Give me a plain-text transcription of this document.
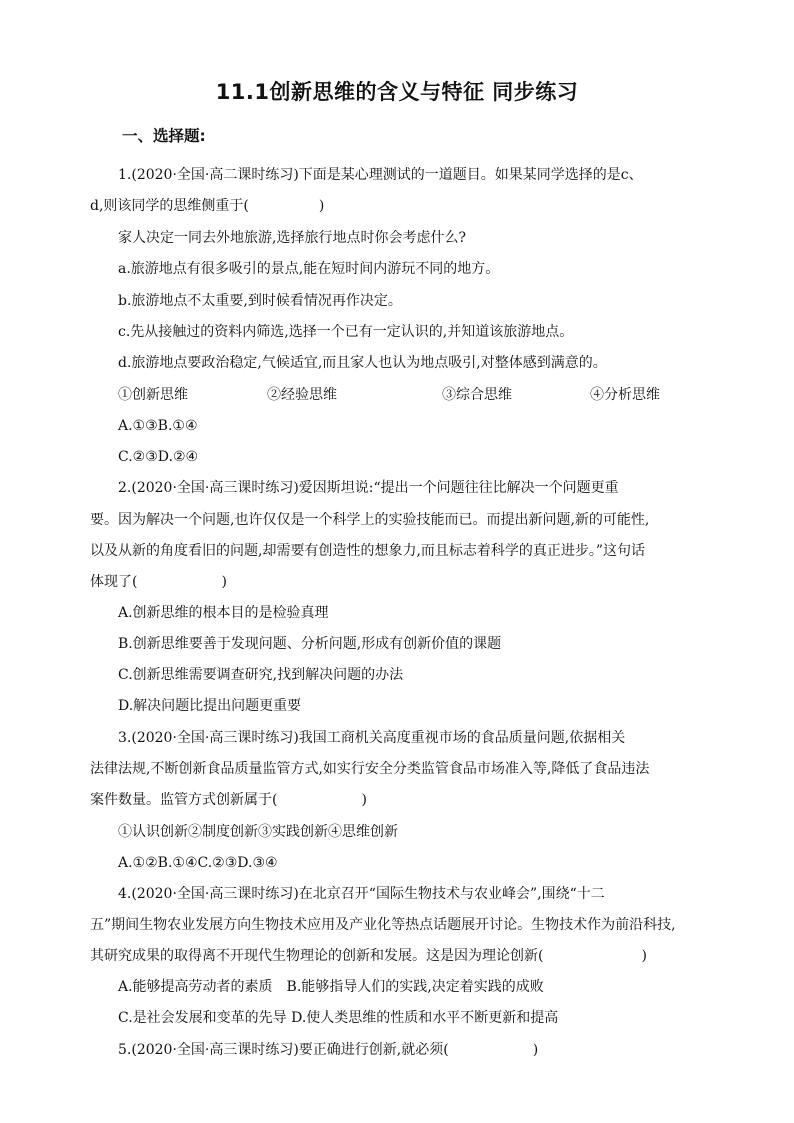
11.1创新思维的含义与特征 同步练习
一、选择题:
1.(2020·全国·高二课时练习)下面是某心理测试的一道题目。如果某同学选择的是c、
d,则该同学的思维侧重于(　　　　　)
家人决定一同去外地旅游,选择旅行地点时你会考虑什么?
a.旅游地点有很多吸引的景点,能在短时间内游玩不同的地方。
b.旅游地点不太重要,到时候看情况再作决定。
c.先从接触过的资料内筛选,选择一个已有一定认识的,并知道该旅游地点。
d.旅游地点要政治稳定,气候适宜,而且家人也认为地点吸引,对整体感到满意的。
①创新思维	②经验思维	③综合思维	④分析思维
A.①③B.①④
C.②③D.②④
2.(2020·全国·高三课时练习)爱因斯坦说:“提出一个问题往往比解决一个问题更重
要。因为解决一个问题,也许仅仅是一个科学上的实验技能而已。而提出新问题,新的可能性,
以及从新的角度看旧的问题,却需要有创造性的想象力,而且标志着科学的真正进步。”这句话
体现了(　　　　　　)
A.创新思维的根本目的是检验真理
B.创新思维要善于发现问题、分析问题,形成有创新价值的课题
C.创新思维需要调查研究,找到解决问题的办法
D.解决问题比提出问题更重要
3.(2020·全国·高三课时练习)我国工商机关高度重视市场的食品质量问题,依据相关
法律法规,不断创新食品质量监管方式,如实行安全分类监管食品市场准入等,降低了食品违法
案件数量。监管方式创新属于(　　　　　　)
①认识创新②制度创新③实践创新④思维创新
A.①②B.①④C.②③D.③④
4.(2020·全国·高三课时练习)在北京召开“国际生物技术与农业峰会”,围绕“十二
五”期间生物农业发展方向生物技术应用及产业化等热点话题展开讨论。生物技术作为前沿科技,
其研究成果的取得离不开现代生物理论的创新和发展。这是因为理论创新(　　　　　　　)
A.能够提高劳动者的素质　B.能够指导人们的实践,决定着实践的成败
C.是社会发展和变革的先导 D.使人类思维的性质和水平不断更新和提高
5.(2020·全国·高三课时练习)要正确进行创新,就必须(　　　　　　)
